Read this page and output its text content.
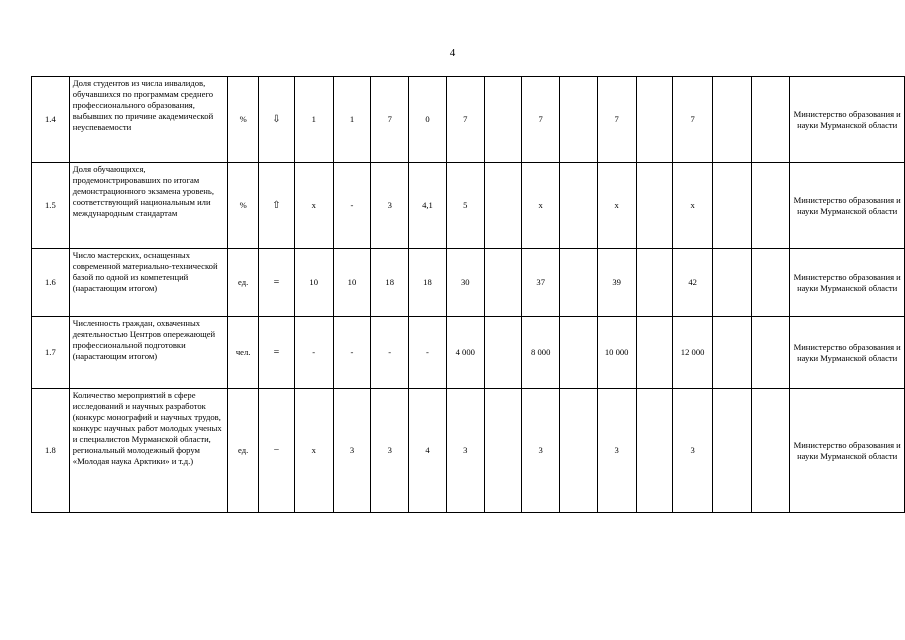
4
1.4	Доля студентов из числа инвалидов, обучавшихся по программам среднего профессионального образования, выбывших по причине академической неуспеваемости	%	⇩	1	1	7	0	7		7		7		7			Министерство образования и науки Мурманской области
1.5	Доля обучающихся, продемонстрировавших по итогам демонстрационного экзамена уровень, соответствующий национальным или международным стандартам	%	⇧	x	-	3	4,1	5		x		x		x			Министерство образования и науки Мурманской области
1.6	Число мастерских, оснащенных современной материально-технической базой по одной из компетенций (нарастающим итогом)	ед.	=	10	10	18	18	30		37		39		42			Министерство образования и науки Мурманской области
1.7	Численность граждан, охваченных деятельностью Центров опережающей профессиональной подготовки (нарастающим итогом)	чел.	=	-	-	-	-	4 000		8 000		10 000		12 000			Министерство образования и науки Мурманской области
1.8	Количество мероприятий в сфере исследований и научных разработок (конкурс монографий и научных трудов, конкурс научных работ молодых ученых и специалистов Мурманской области, региональный молодежный форум «Молодая наука Арктики» и т.д.)	ед.	−	x	3	3	4	3		3		3		3			Министерство образования и науки Мурманской области
